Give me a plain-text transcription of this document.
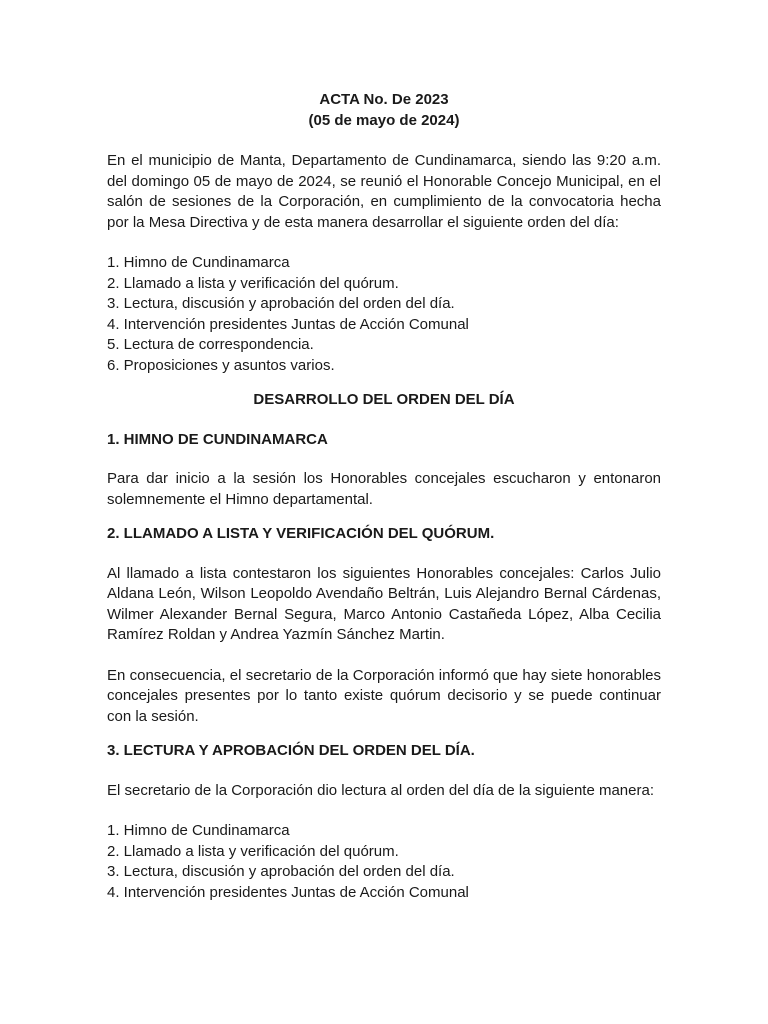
ACTA No. De 2023
(05 de mayo de 2024)

En el municipio de Manta, Departamento de Cundinamarca, siendo las 9:20 a.m. del domingo 05 de mayo de 2024, se reunió el Honorable Concejo Municipal, en el salón de sesiones de la Corporación, en cumplimiento de la convocatoria hecha por la Mesa Directiva y de esta manera desarrollar el siguiente orden del día:

1. Himno de Cundinamarca
2. Llamado a lista y verificación del quórum.
3. Lectura, discusión y aprobación del orden del día.
4. Intervención presidentes Juntas de Acción Comunal
5. Lectura de correspondencia.
6. Proposiciones y asuntos varios.
DESARROLLO DEL ORDEN DEL DÍA
1. HIMNO DE CUNDINAMARCA

Para dar inicio a la sesión los Honorables concejales escucharon y entonaron solemnemente el Himno departamental.

2. LLAMADO A LISTA Y VERIFICACIÓN DEL QUÓRUM.

Al llamado a lista contestaron los siguientes Honorables concejales: Carlos Julio Aldana León, Wilson Leopoldo Avendaño Beltrán, Luis Alejandro Bernal Cárdenas, Wilmer Alexander Bernal Segura, Marco Antonio Castañeda López, Alba Cecilia Ramírez Roldan y Andrea Yazmín Sánchez Martin.

En consecuencia, el secretario de la Corporación informó que hay siete honorables concejales presentes por lo tanto existe quórum decisorio y se puede continuar con la sesión.

3. LECTURA Y APROBACIÓN DEL ORDEN DEL DÍA.

El secretario de la Corporación dio lectura al orden del día de la siguiente manera:

1. Himno de Cundinamarca
2. Llamado a lista y verificación del quórum.
3. Lectura, discusión y aprobación del orden del día.
4. Intervención presidentes Juntas de Acción Comunal
